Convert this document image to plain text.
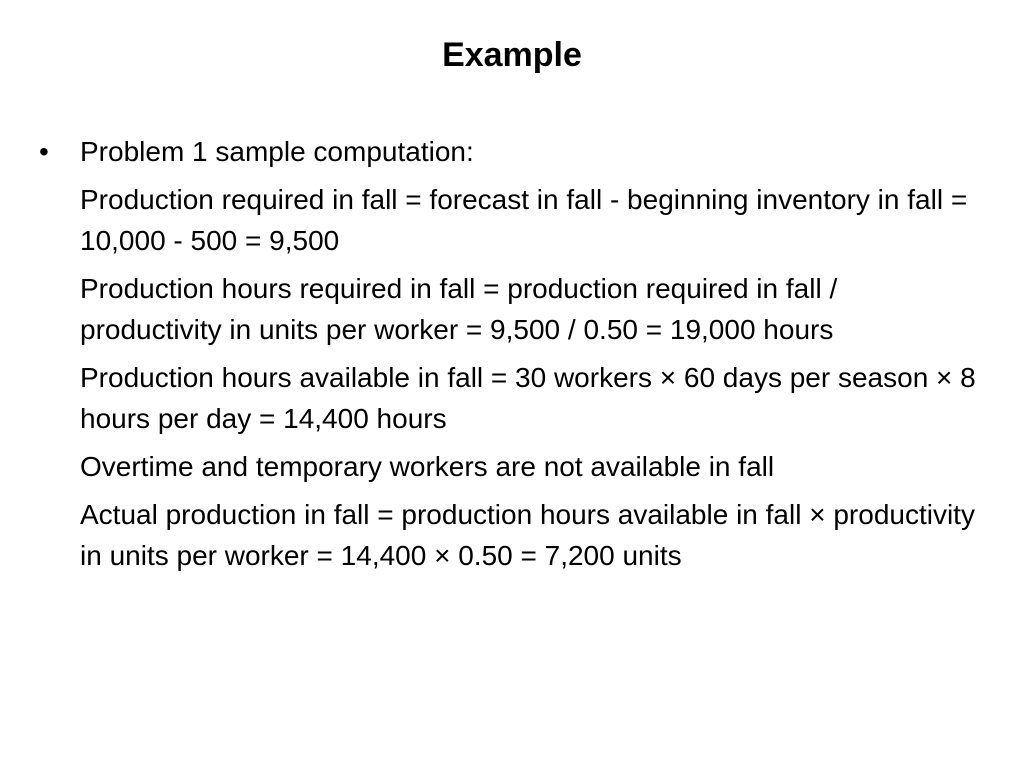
Example
• Problem 1 sample computation:

Production required in fall = forecast in fall - beginning inventory in fall = 10,000 - 500 = 9,500

Production hours required in fall = production required in fall / productivity in units per worker = 9,500 / 0.50 = 19,000 hours

Production hours available in fall = 30 workers × 60 days per season × 8 hours per day = 14,400 hours

Overtime and temporary workers are not available in fall

Actual production in fall = production hours available in fall × productivity in units per worker = 14,400 × 0.50 = 7,200 units
